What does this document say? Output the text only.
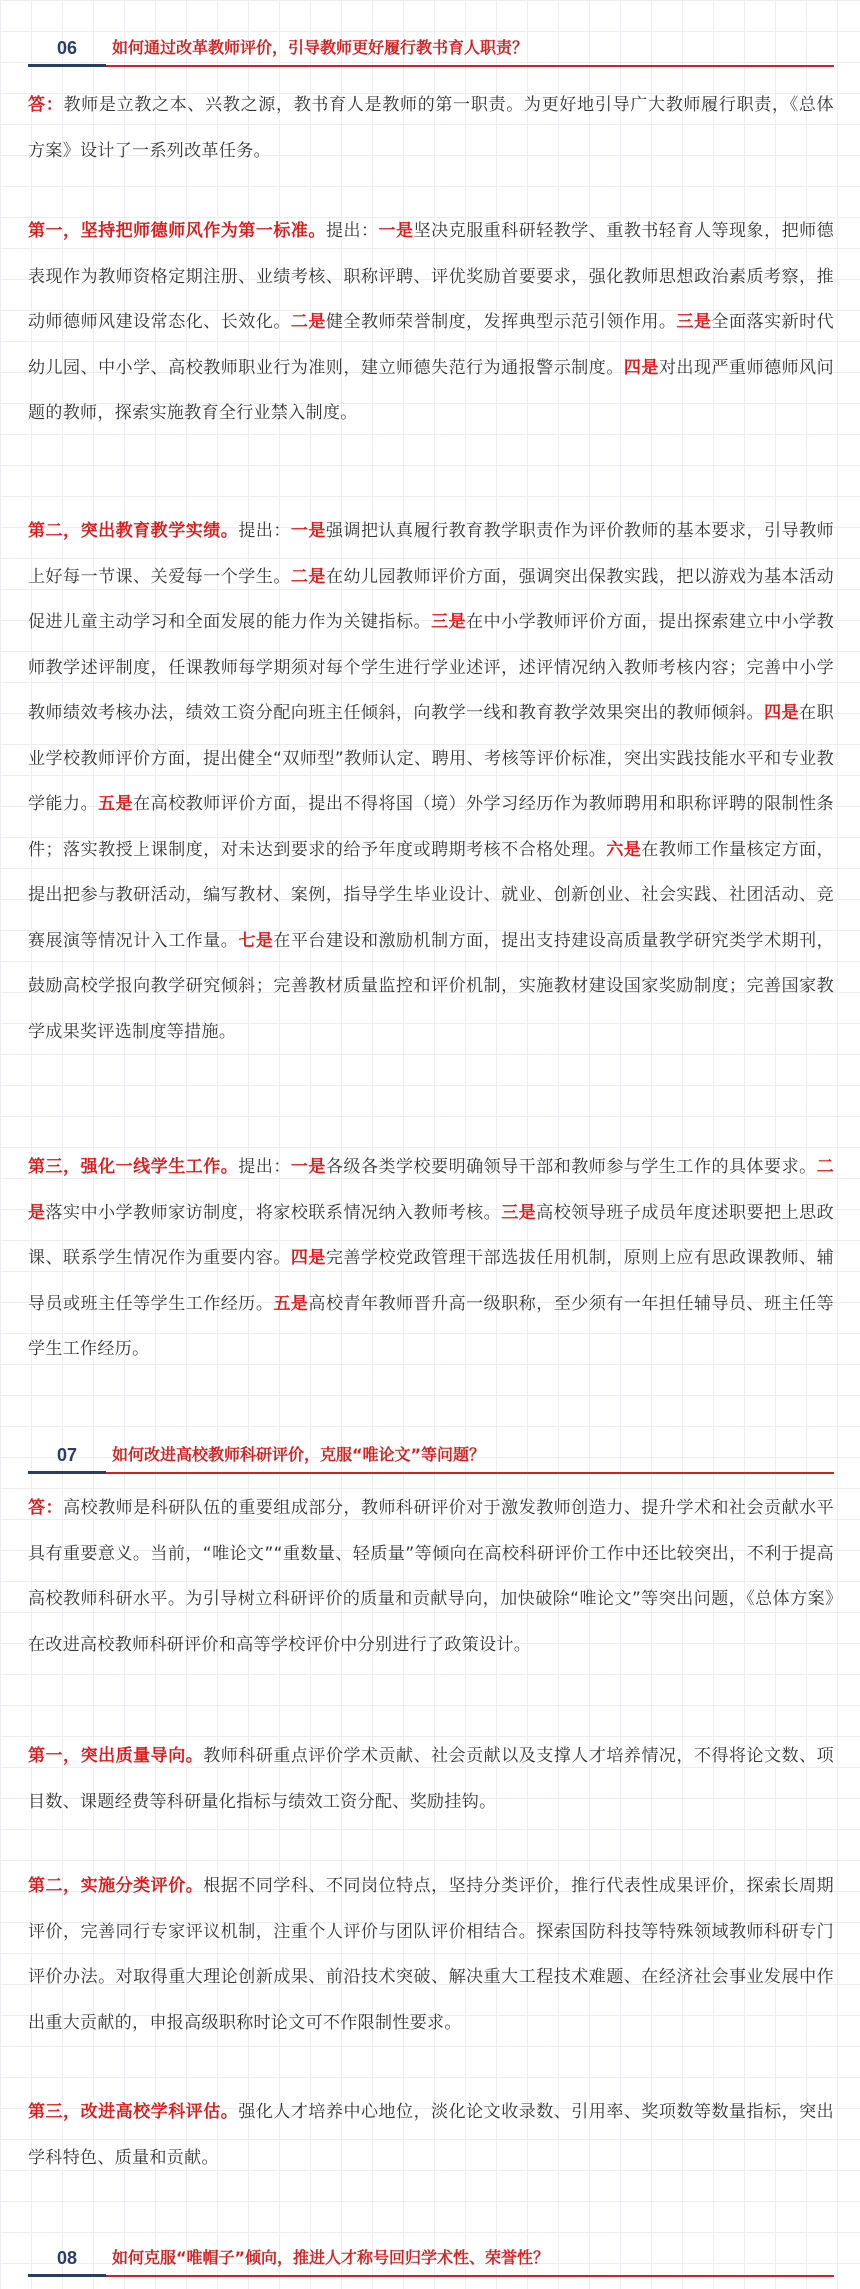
06	如何通过改革教师评价，引导教师更好履行教书育人职责？

答：教师是立教之本、兴教之源，教书育人是教师的第一职责。为更好地引导广大教师履行职责，《总体方案》设计了一系列改革任务。

第一，坚持把师德师风作为第一标准。提出：一是坚决克服重科研轻教学、重教书轻育人等现象，把师德表现作为教师资格定期注册、业绩考核、职称评聘、评优奖励首要要求，强化教师思想政治素质考察，推动师德师风建设常态化、长效化。二是健全教师荣誉制度，发挥典型示范引领作用。三是全面落实新时代幼儿园、中小学、高校教师职业行为准则，建立师德失范行为通报警示制度。四是对出现严重师德师风问题的教师，探索实施教育全行业禁入制度。

第二，突出教育教学实绩。提出：一是强调把认真履行教育教学职责作为评价教师的基本要求，引导教师上好每一节课、关爱每一个学生。二是在幼儿园教师评价方面，强调突出保教实践，把以游戏为基本活动促进儿童主动学习和全面发展的能力作为关键指标。三是在中小学教师评价方面，提出探索建立中小学教师教学述评制度，任课教师每学期须对每个学生进行学业述评，述评情况纳入教师考核内容；完善中小学教师绩效考核办法，绩效工资分配向班主任倾斜，向教学一线和教育教学效果突出的教师倾斜。四是在职业学校教师评价方面，提出健全“双师型”教师认定、聘用、考核等评价标准，突出实践技能水平和专业教学能力。五是在高校教师评价方面，提出不得将国（境）外学习经历作为教师聘用和职称评聘的限制性条件；落实教授上课制度，对未达到要求的给予年度或聘期考核不合格处理。六是在教师工作量核定方面，提出把参与教研活动，编写教材、案例，指导学生毕业设计、就业、创新创业、社会实践、社团活动、竞赛展演等情况计入工作量。七是在平台建设和激励机制方面，提出支持建设高质量教学研究类学术期刊，鼓励高校学报向教学研究倾斜；完善教材质量监控和评价机制，实施教材建设国家奖励制度；完善国家教学成果奖评选制度等措施。

第三，强化一线学生工作。提出：一是各级各类学校要明确领导干部和教师参与学生工作的具体要求。二是落实中小学教师家访制度，将家校联系情况纳入教师考核。三是高校领导班子成员年度述职要把上思政课、联系学生情况作为重要内容。四是完善学校党政管理干部选拔任用机制，原则上应有思政课教师、辅导员或班主任等学生工作经历。五是高校青年教师晋升高一级职称，至少须有一年担任辅导员、班主任等学生工作经历。

07	如何改进高校教师科研评价，克服“唯论文”等问题？

答：高校教师是科研队伍的重要组成部分，教师科研评价对于激发教师创造力、提升学术和社会贡献水平具有重要意义。当前，“唯论文”“重数量、轻质量”等倾向在高校科研评价工作中还比较突出，不利于提高高校教师科研水平。为引导树立科研评价的质量和贡献导向，加快破除“唯论文”等突出问题，《总体方案》在改进高校教师科研评价和高等学校评价中分别进行了政策设计。

第一，突出质量导向。教师科研重点评价学术贡献、社会贡献以及支撑人才培养情况，不得将论文数、项目数、课题经费等科研量化指标与绩效工资分配、奖励挂钩。

第二，实施分类评价。根据不同学科、不同岗位特点，坚持分类评价，推行代表性成果评价，探索长周期评价，完善同行专家评议机制，注重个人评价与团队评价相结合。探索国防科技等特殊领域教师科研专门评价办法。对取得重大理论创新成果、前沿技术突破、解决重大工程技术难题、在经济社会事业发展中作出重大贡献的，申报高级职称时论文可不作限制性要求。

第三，改进高校学科评估。强化人才培养中心地位，淡化论文收录数、引用率、奖项数等数量指标，突出学科特色、质量和贡献。

08	如何克服“唯帽子”倾向，推进人才称号回归学术性、荣誉性？
